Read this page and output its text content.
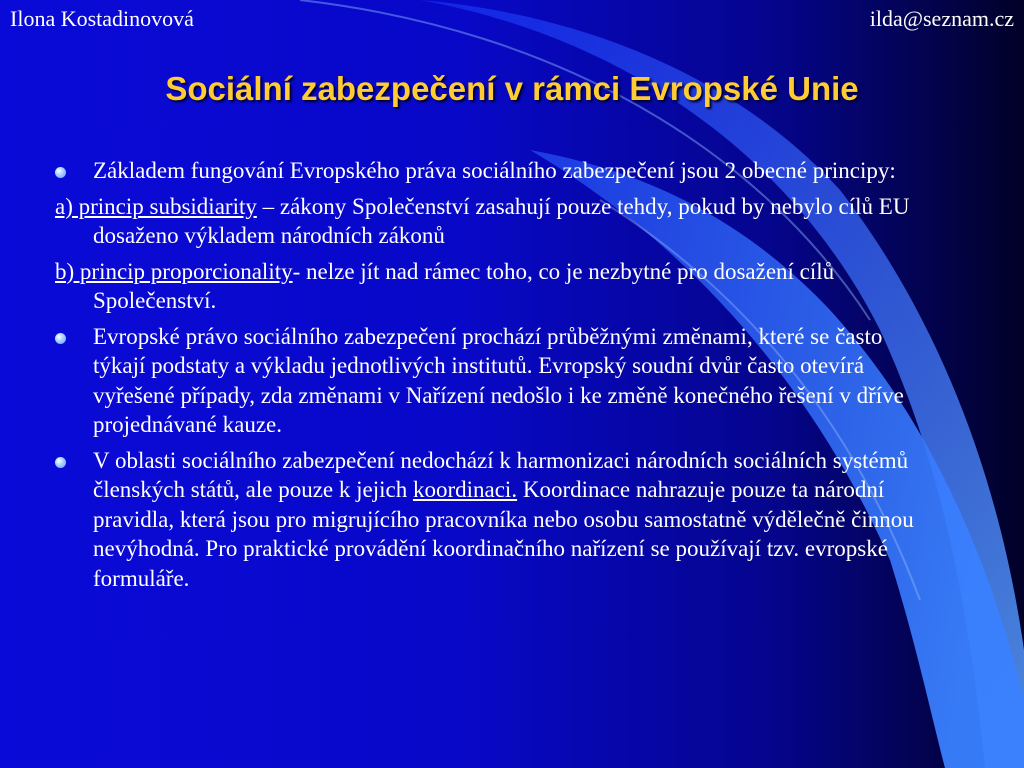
Ilona Kostadinovová	ilda@seznam.cz
Sociální zabezpečení v rámci Evropské Unie
Základem fungování Evropského práva sociálního zabezpečení jsou 2 obecné principy:
a) princip subsidiarity – zákony Společenství zasahují pouze tehdy, pokud by nebylo cílů EU dosaženo výkladem národních zákonů
b) princip proporcionality- nelze jít nad rámec toho, co je nezbytné pro dosažení cílů Společenství.
Evropské právo sociálního zabezpečení prochází průběžnými změnami, které se často týkají podstaty a výkladu jednotlivých institutů. Evropský soudní dvůr často otevírá vyřešené případy, zda změnami v Nařízení nedošlo i ke změně konečného řešení v dříve projednávané kauze.
V oblasti sociálního zabezpečení nedochází k harmonizaci národních sociálních systémů členských států, ale pouze k jejich koordinaci. Koordinace nahrazuje pouze ta národní pravidla, která jsou pro migrujícího pracovníka nebo osobu samostatně výdělečně činnou nevýhodná. Pro praktické provádění koordinačního nařízení se používají tzv. evropské formuláře.
